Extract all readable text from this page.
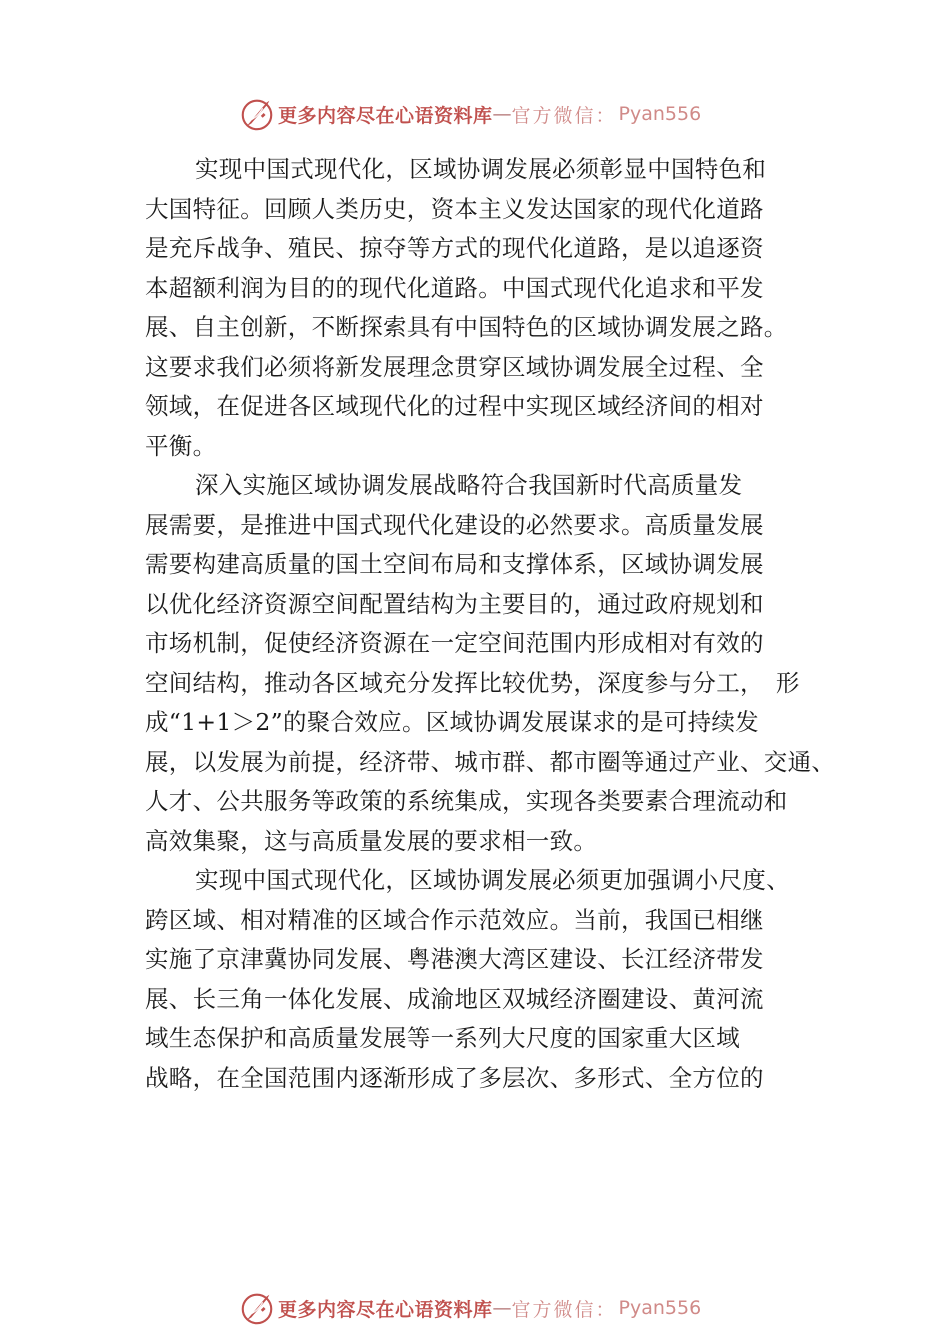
更多内容尽在心语资料库 — 官方微信： Pyan556
实现中国式现代化，区域协调发展必须彰显中国特色和
大国特征。回顾人类历史，资本主义发达国家的现代化道路
是充斥战争、殖民、掠夺等方式的现代化道路，是以追逐资
本超额利润为目的的现代化道路。中国式现代化追求和平发
展、自主创新，不断探索具有中国特色的区域协调发展之路。
这要求我们必须将新发展理念贯穿区域协调发展全过程、全
领域，在促进各区域现代化的过程中实现区域经济间的相对
平衡。
深入实施区域协调发展战略符合我国新时代高质量发
展需要，是推进中国式现代化建设的必然要求。高质量发展
需要构建高质量的国土空间布局和支撑体系，区域协调发展
以优化经济资源空间配置结构为主要目的，通过政府规划和
市场机制，促使经济资源在一定空间范围内形成相对有效的
空间结构，推动各区域充分发挥比较优势，深度参与分工，　形
成“1+1＞2”的聚合效应。区域协调发展谋求的是可持续发
展，以发展为前提，经济带、城市群、都市圈等通过产业、交通、
人才、公共服务等政策的系统集成，实现各类要素合理流动和
高效集聚，这与高质量发展的要求相一致。
实现中国式现代化，区域协调发展必须更加强调小尺度、
跨区域、相对精准的区域合作示范效应。当前，我国已相继
实施了京津冀协同发展、粤港澳大湾区建设、长江经济带发
展、长三角一体化发展、成渝地区双城经济圈建设、黄河流
域生态保护和高质量发展等一系列大尺度的国家重大区域
战略，在全国范围内逐渐形成了多层次、多形式、全方位的
更多内容尽在心语资料库 — 官方微信： Pyan556
